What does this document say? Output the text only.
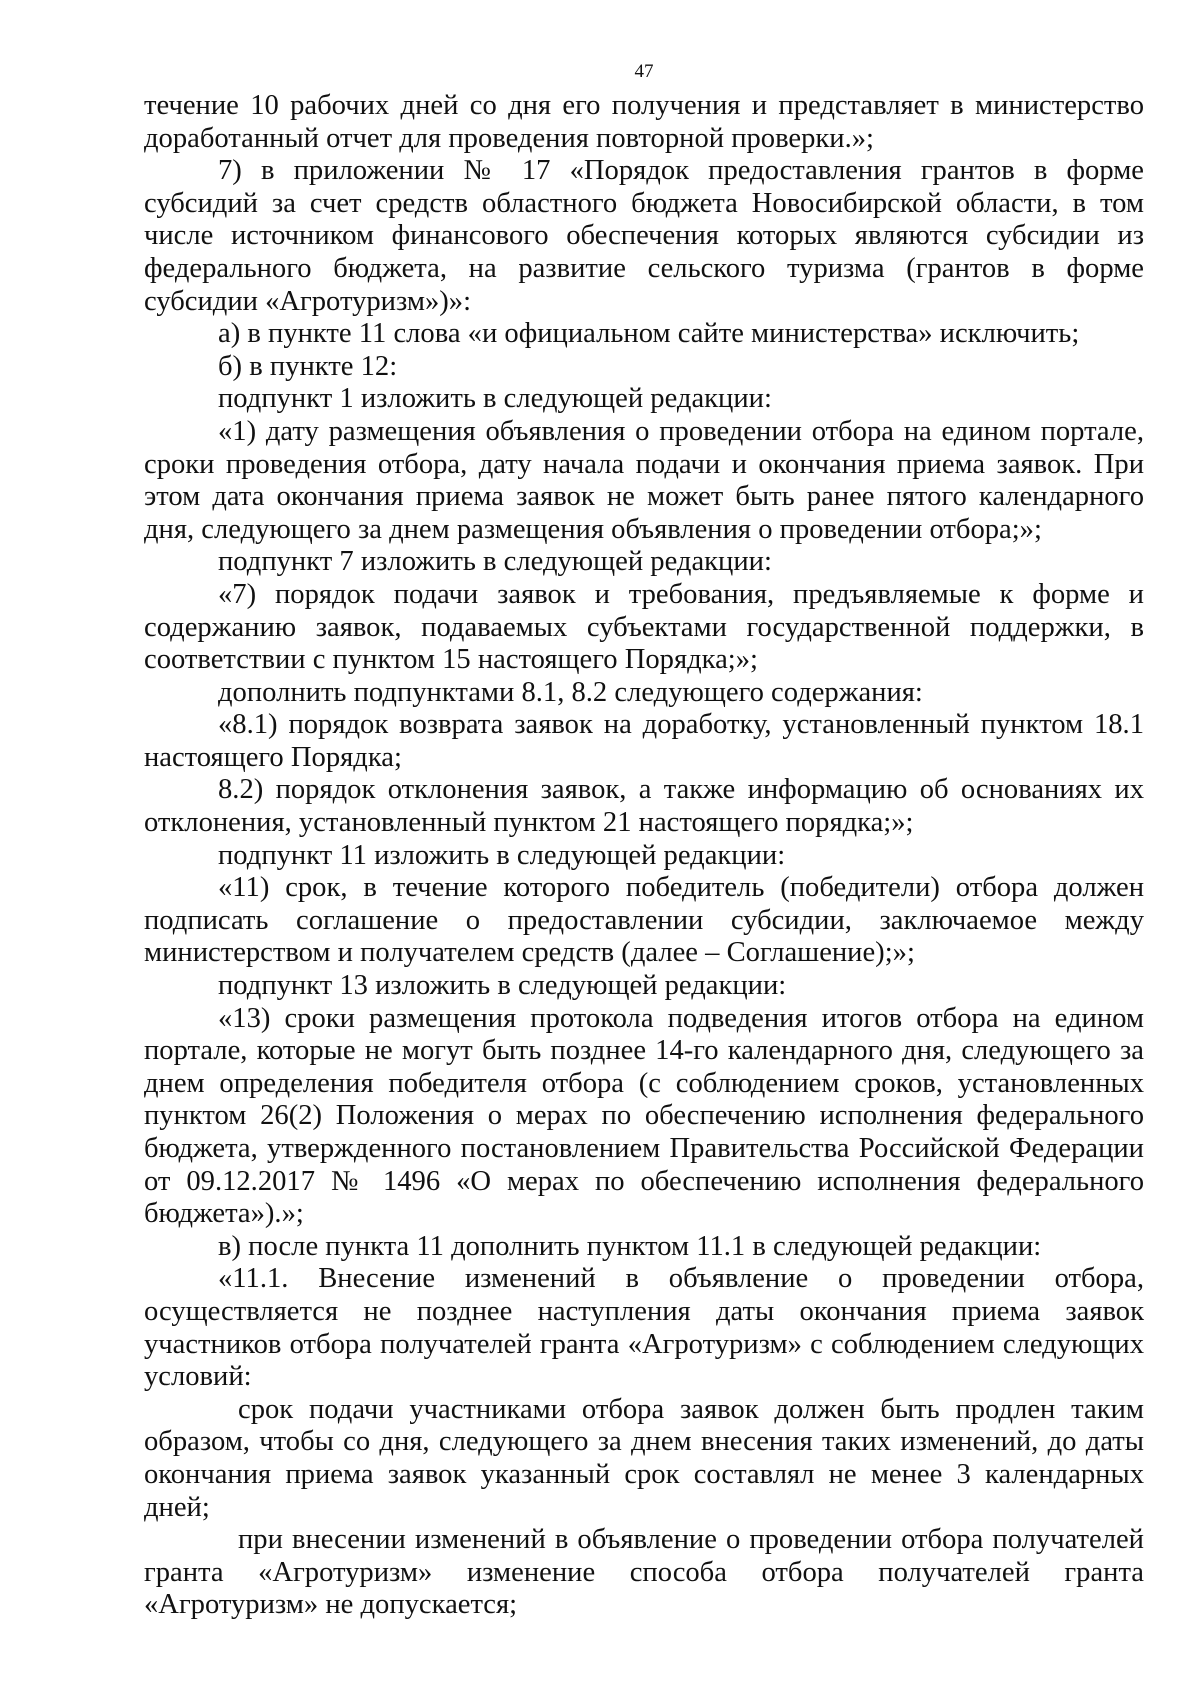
47

течение 10 рабочих дней со дня его получения и представляет в министерство доработанный отчет для проведения повторной проверки.»;

7) в приложении № 17 «Порядок предоставления грантов в форме субсидий за счет средств областного бюджета Новосибирской области, в том числе источником финансового обеспечения которых являются субсидии из федерального бюджета, на развитие сельского туризма (грантов в форме субсидии «Агротуризм»)»:

а) в пункте 11 слова «и официальном сайте министерства» исключить;

б) в пункте 12:

подпункт 1 изложить в следующей редакции:

«1) дату размещения объявления о проведении отбора на едином портале, сроки проведения отбора, дату начала подачи и окончания приема заявок. При этом дата окончания приема заявок не может быть ранее пятого календарного дня, следующего за днем размещения объявления о проведении отбора;»;

подпункт 7 изложить в следующей редакции:

«7) порядок подачи заявок и требования, предъявляемые к форме и содержанию заявок, подаваемых субъектами государственной поддержки, в соответствии с пунктом 15 настоящего Порядка;»;

дополнить подпунктами 8.1, 8.2 следующего содержания:

«8.1) порядок возврата заявок на доработку, установленный пунктом 18.1 настоящего Порядка;

8.2) порядок отклонения заявок, а также информацию об основаниях их отклонения, установленный пунктом 21 настоящего порядка;»;

подпункт 11 изложить в следующей редакции:

«11) срок, в течение которого победитель (победители) отбора должен подписать соглашение о предоставлении субсидии, заключаемое между министерством и получателем средств (далее – Соглашение);»;

подпункт 13 изложить в следующей редакции:

«13) сроки размещения протокола подведения итогов отбора на едином портале, которые не могут быть позднее 14-го календарного дня, следующего за днем определения победителя отбора (с соблюдением сроков, установленных пунктом 26(2) Положения о мерах по обеспечению исполнения федерального бюджета, утвержденного постановлением Правительства Российской Федерации от 09.12.2017 № 1496 «О мерах по обеспечению исполнения федерального бюджета»).»;

в) после пункта 11 дополнить пунктом 11.1 в следующей редакции:

«11.1. Внесение изменений в объявление о проведении отбора, осуществляется не позднее наступления даты окончания приема заявок участников отбора получателей гранта «Агротуризм» с соблюдением следующих условий:

срок подачи участниками отбора заявок должен быть продлен таким образом, чтобы со дня, следующего за днем внесения таких изменений, до даты окончания приема заявок указанный срок составлял не менее 3 календарных дней;

при внесении изменений в объявление о проведении отбора получателей гранта «Агротуризм» изменение способа отбора получателей гранта «Агротуризм» не допускается;
